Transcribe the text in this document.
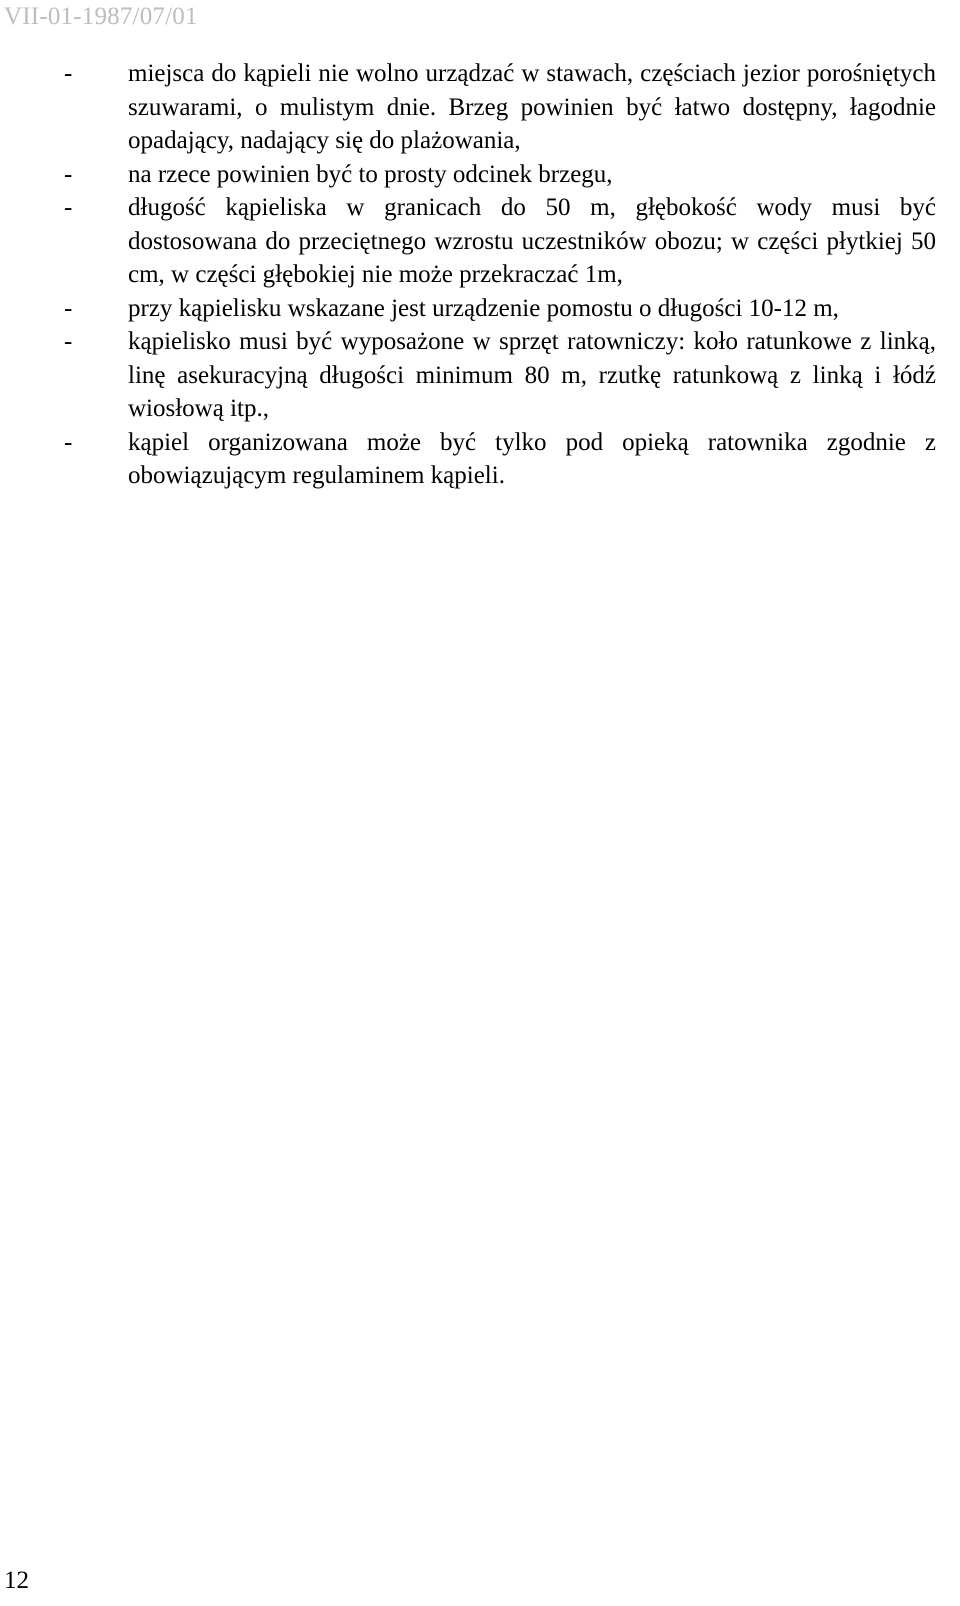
VII-01-1987/07/01
-	miejsca do kąpieli nie wolno urządzać w stawach, częściach jezior porośniętych szuwarami, o mulistym dnie. Brzeg powinien być łatwo dostępny, łagodnie opadający, nadający się do plażowania,
-	na rzece powinien być to prosty odcinek brzegu,
-	długość kąpieliska w granicach do 50 m, głębokość wody musi być dostosowana do przeciętnego wzrostu uczestników obozu; w części płytkiej 50 cm, w części głębokiej nie może przekraczać 1m,
-	przy kąpielisku wskazane jest urządzenie pomostu o długości 10-12 m,
-	kąpielisko musi być wyposażone w sprzęt ratowniczy: koło ratunkowe z linką, linę asekuracyjną długości minimum 80 m, rzutkę ratunkową z linką i łódź wiosłową itp.,
-	kąpiel organizowana może być tylko pod opieką ratownika zgodnie z obowiązującym regulaminem kąpieli.
12
